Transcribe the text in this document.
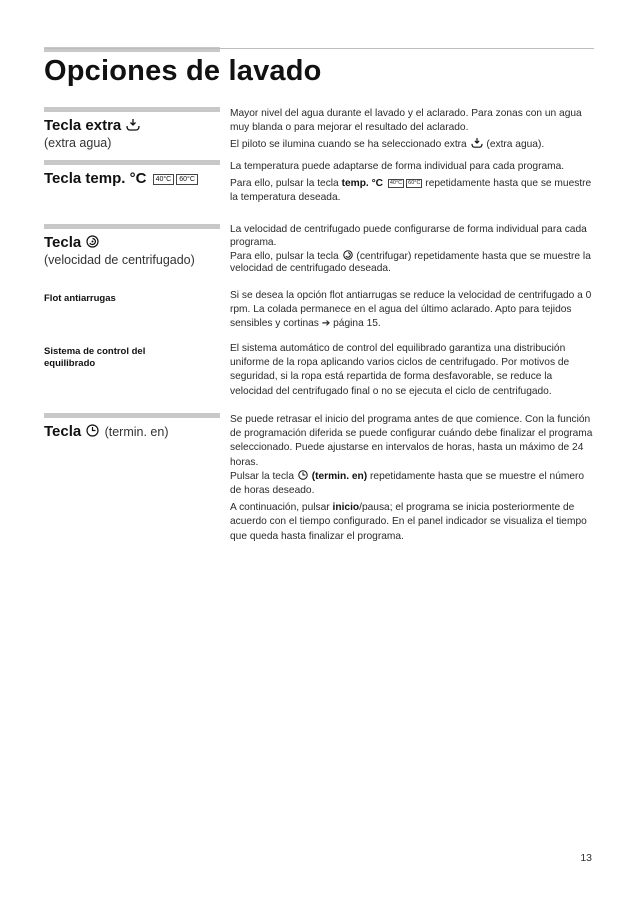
Opciones de lavado
Tecla extra
(extra agua)

Mayor nivel del agua durante el lavado y el aclarado. Para zonas con un agua muy blanda o para mejorar el resultado del aclarado.

El piloto se ilumina cuando se ha seleccionado extra (extra agua).

Tecla temp. °C 40°C 60°C

La temperatura puede adaptarse de forma individual para cada programa.

Para ello, pulsar la tecla temp. °C 40°C 60°C repetidamente hasta que se muestre la temperatura deseada.

Tecla
(velocidad de centrifugado)

La velocidad de centrifugado puede configurarse de forma individual para cada programa.

Para ello, pulsar la tecla (centrifugar) repetidamente hasta que se muestre la velocidad de centrifugado deseada.

Flot antiarrugas	Si se desea la opción flot antiarrugas se reduce la velocidad de centrifugado a 0 rpm. La colada permanece en el agua del último aclarado. Apto para tejidos sensibles y cortinas ➔ página 15.

Sistema de control del equilibrado

El sistema automático de control del equilibrado garantiza una distribución uniforme de la ropa aplicando varios ciclos de centrifugado. Por motivos de seguridad, si la ropa está repartida de forma desfavorable, se reduce la velocidad del centrifugado final o no se ejecuta el ciclo de centrifugado.

Tecla (termin. en)

Se puede retrasar el inicio del programa antes de que comience. Con la función de programación diferida se puede configurar cuándo debe finalizar el programa seleccionado. Puede ajustarse en intervalos de horas, hasta un máximo de 24 horas.

Pulsar la tecla (termin. en) repetidamente hasta que se muestre el número de horas deseado.

A continuación, pulsar inicio/pausa; el programa se inicia posteriormente de acuerdo con el tiempo configurado. En el panel indicador se visualiza el tiempo que queda hasta finalizar el programa.

13
